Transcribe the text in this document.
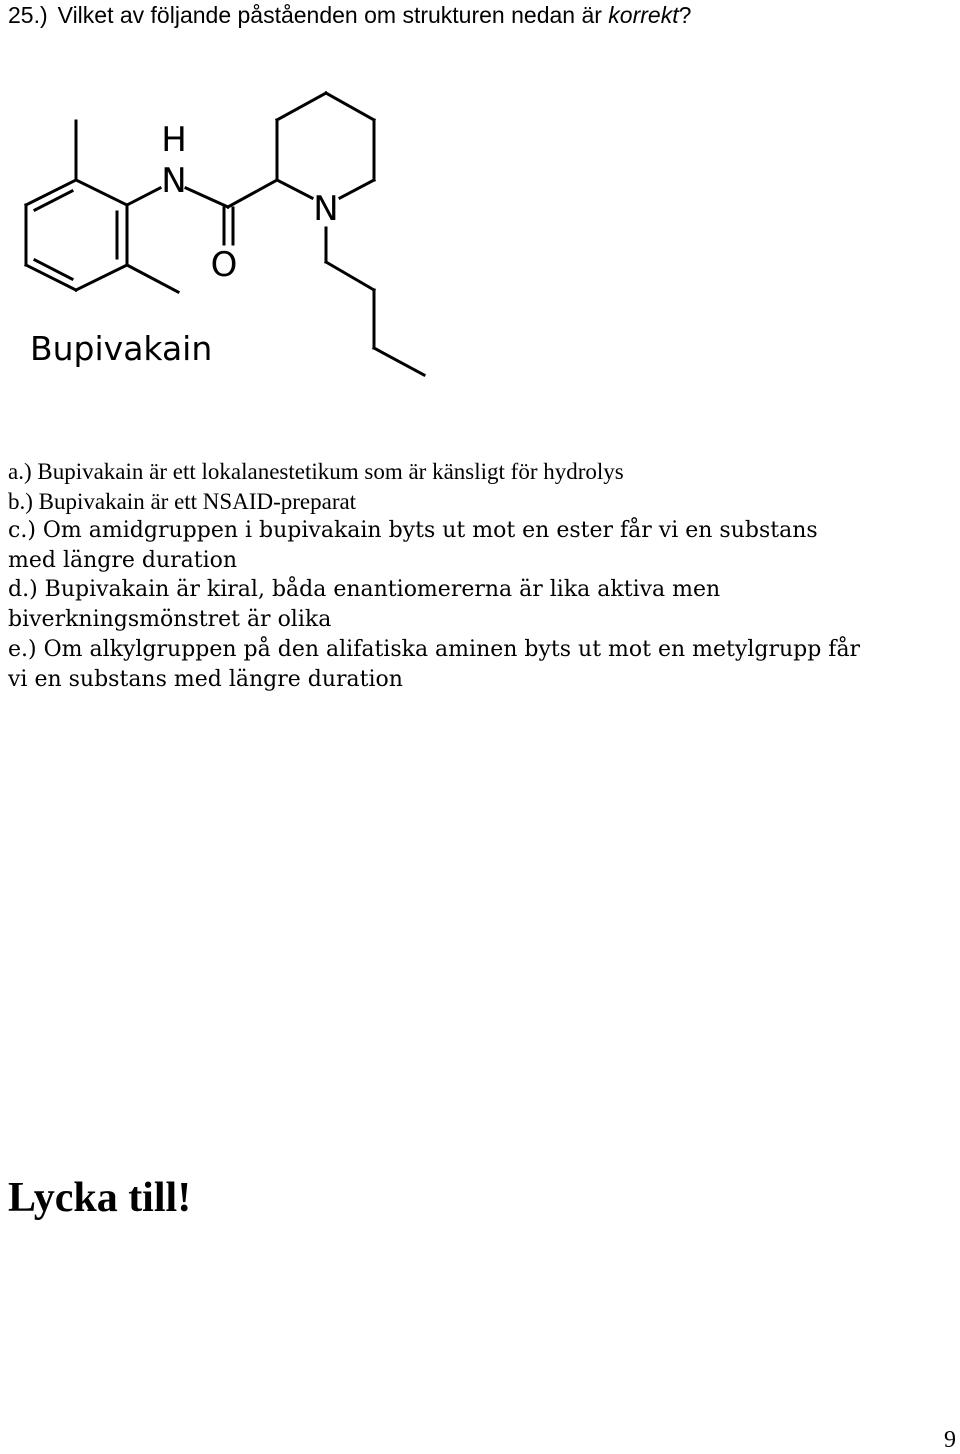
25.) Vilket av följande påståenden om strukturen nedan är korrekt?
H
N
N
O
Bupivakain
a.) Bupivakain är ett lokalanestetikum som är känsligt för hydrolys
b.) Bupivakain är ett NSAID-preparat
c.) Om amidgruppen i bupivakain byts ut mot en ester får vi en substans
med längre duration
d.) Bupivakain är kiral, båda enantiomererna är lika aktiva men
biverkningsmönstret är olika
e.) Om alkylgruppen på den alifatiska aminen byts ut mot en metylgrupp får
vi en substans med längre duration
Lycka till!
9
